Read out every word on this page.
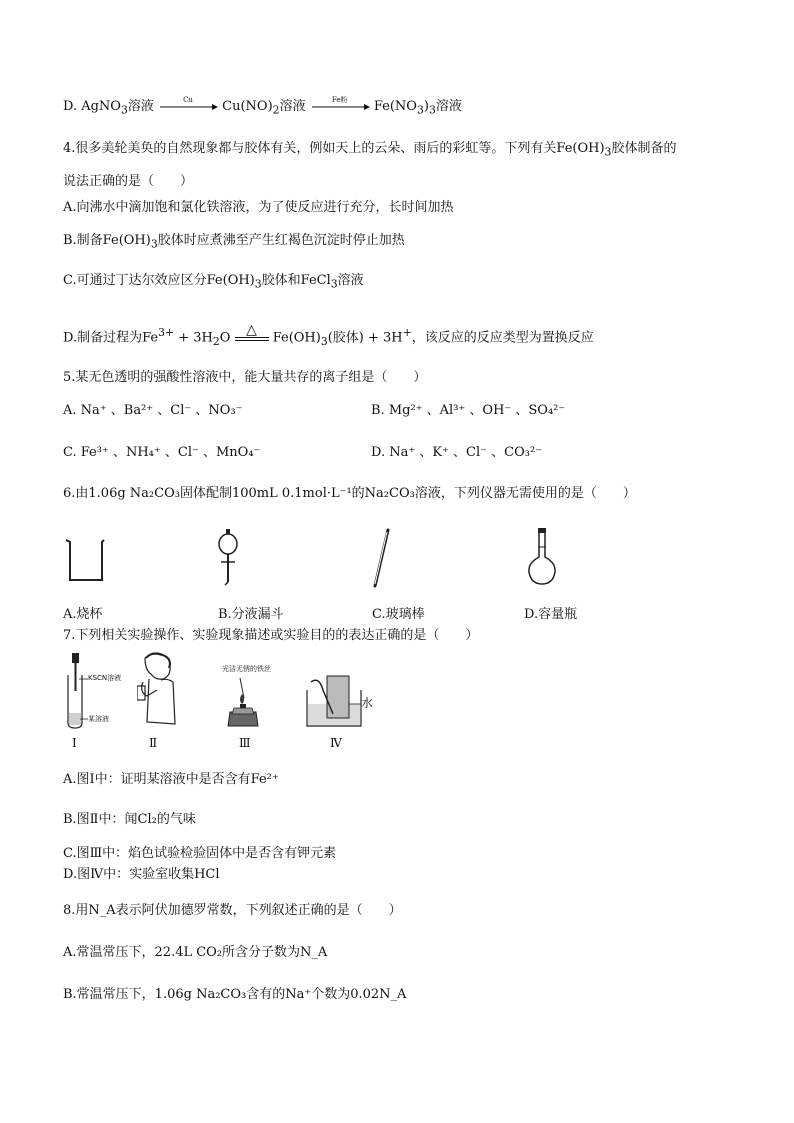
D. AgNO$_3$溶液	Cu	$Cu(NO)_2$溶液	Fe粉	$Fe(NO_3)_3$溶液
4.很多美轮美奂的自然现象都与胶体有关，例如天上的云朵、雨后的彩虹等。下列有关$Fe(OH)_3$胶体制备的
说法正确的是（　　）
A.向沸水中滴加饱和氯化铁溶液，为了使反应进行充分，长时间加热
B.制备$Fe(OH)_3$胶体时应煮沸至产生红褐色沉淀时停止加热
C.可通过丁达尔效应区分$Fe(OH)_3$胶体和FeCl$_3$溶液
D.制备过程为$Fe^{3+} + 3H_2O$	△	$Fe(OH)_3$(胶体) + 3H+，该反应的反应类型为置换反应
5.某无色透明的强酸性溶液中，能大量共存的离子组是（　　）
A. Na⁺ 、Ba²⁺ 、Cl⁻ 、NO₃⁻	B. Mg²⁺ 、Al³⁺ 、OH⁻ 、SO₄²⁻
C. Fe³⁺ 、NH₄⁺ 、Cl⁻ 、MnO₄⁻	D. Na⁺ 、K⁺ 、Cl⁻ 、CO₃²⁻
6.由1.06g Na₂CO₃固体配制100mL 0.1mol·L⁻¹的Na₂CO₃溶液，下列仪器无需使用的是（　　）
A.烧杯	B.分液漏斗	C.玻璃棒	D.容量瓶
7.下列相关实验操作、实验现象描述或实验目的的表达正确的是（　　）
KSCN溶液
某溶液
光洁无锈的铁丝
水
Ⅰ	Ⅱ	Ⅲ	Ⅳ
A.图Ⅰ中：证明某溶液中是否含有Fe²⁺
B.图Ⅱ中：闻Cl₂的气味
C.图Ⅲ中：焰色试验检验固体中是否含有钾元素
D.图Ⅳ中：实验室收集HCl
8.用N_A表示阿伏加德罗常数，下列叙述正确的是（　　）
A.常温常压下，22.4L CO₂所含分子数为N_A
B.常温常压下，1.06g Na₂CO₃含有的Na⁺个数为0.02N_A
